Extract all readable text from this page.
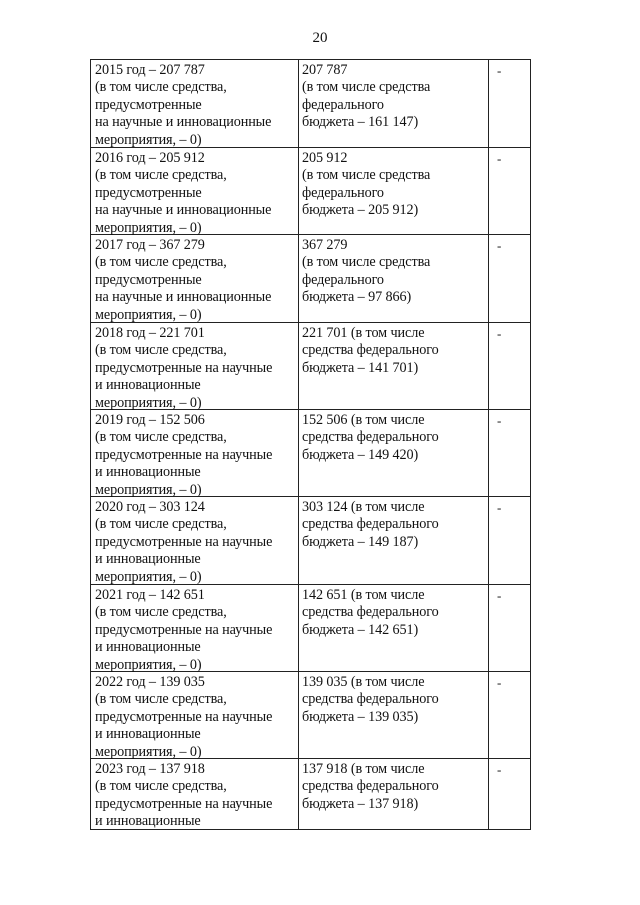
20
2015 год – 207 787
(в том числе средства,
предусмотренные
на научные и инновационные
мероприятия, – 0)
207 787
(в том числе средства
федерального
бюджета – 161 147)
-
2016 год – 205 912
(в том числе средства,
предусмотренные
на научные и инновационные
мероприятия, – 0)
205 912
(в том числе средства
федерального
бюджета – 205 912)
-
2017 год – 367 279
(в том числе средства,
предусмотренные
на научные и инновационные
мероприятия, – 0)
367 279
(в том числе средства
федерального
бюджета – 97 866)
-
2018 год – 221 701
(в том числе средства,
предусмотренные на научные
и инновационные
мероприятия, – 0)
221 701 (в том числе
средства федерального
бюджета – 141 701)
-
2019 год – 152 506
(в том числе средства,
предусмотренные на научные
и инновационные
мероприятия, – 0)
152 506 (в том числе
средства федерального
бюджета – 149 420)
-
2020 год – 303 124
(в том числе средства,
предусмотренные на научные
и инновационные
мероприятия, – 0)
303 124 (в том числе
средства федерального
бюджета – 149 187)
-
2021 год – 142 651
(в том числе средства,
предусмотренные на научные
и инновационные
мероприятия, – 0)
142 651 (в том числе
средства федерального
бюджета – 142 651)
-
2022 год – 139 035
(в том числе средства,
предусмотренные на научные
и инновационные
мероприятия, – 0)
139 035 (в том числе
средства федерального
бюджета – 139 035)
-
2023 год – 137 918
(в том числе средства,
предусмотренные на научные
и инновационные
137 918 (в том числе
средства федерального
бюджета – 137 918)
-
